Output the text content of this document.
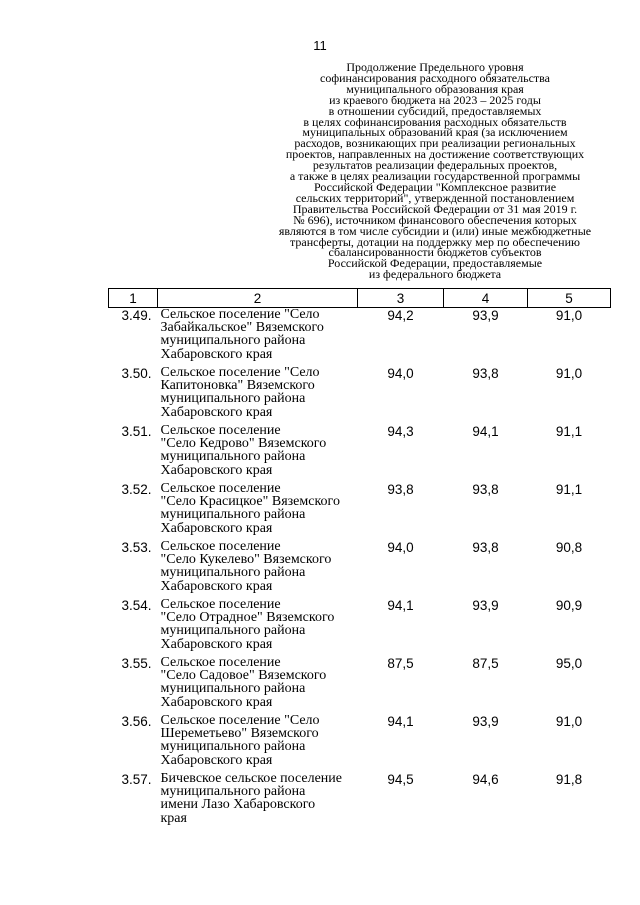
11
Продолжение Предельного уровня
софинансирования расходного обязательства
муниципального образования края
из краевого бюджета на 2023 – 2025 годы
в отношении субсидий, предоставляемых
в целях софинансирования расходных обязательств
муниципальных образований края (за исключением
расходов, возникающих при реализации региональных
проектов, направленных на достижение соответствующих
результатов реализации федеральных проектов,
а также в целях реализации государственной программы
Российской Федерации "Комплексное развитие
сельских территорий", утвержденной постановлением
Правительства Российской Федерации от 31 мая 2019 г.
№ 696), источником финансового обеспечения которых
являются в том числе субсидии и (или) иные межбюджетные
трансферты, дотации на поддержку мер по обеспечению
сбалансированности бюджетов субъектов
Российской Федерации, предоставляемые
из федерального бюджета
1	2	3	4	5
3.49.	Сельское поселение "Село
Забайкальское" Вяземского
муниципального района
Хабаровского края	94,2	93,9	91,0
3.50.	Сельское поселение "Село
Капитоновка" Вяземского
муниципального района
Хабаровского края	94,0	93,8	91,0
3.51.	Сельское поселение
"Село Кедрово" Вяземского
муниципального района
Хабаровского края	94,3	94,1	91,1
3.52.	Сельское поселение
"Село Красицкое" Вяземского
муниципального района
Хабаровского края	93,8	93,8	91,1
3.53.	Сельское поселение
"Село Кукелево" Вяземского
муниципального района
Хабаровского края	94,0	93,8	90,8
3.54.	Сельское поселение
"Село Отрадное" Вяземского
муниципального района
Хабаровского края	94,1	93,9	90,9
3.55.	Сельское поселение
"Село Садовое" Вяземского
муниципального района
Хабаровского края	87,5	87,5	95,0
3.56.	Сельское поселение "Село
Шереметьево" Вяземского
муниципального района
Хабаровского края	94,1	93,9	91,0
3.57.	Бичевское сельское поселение
муниципального района
имени Лазо Хабаровского
края	94,5	94,6	91,8
